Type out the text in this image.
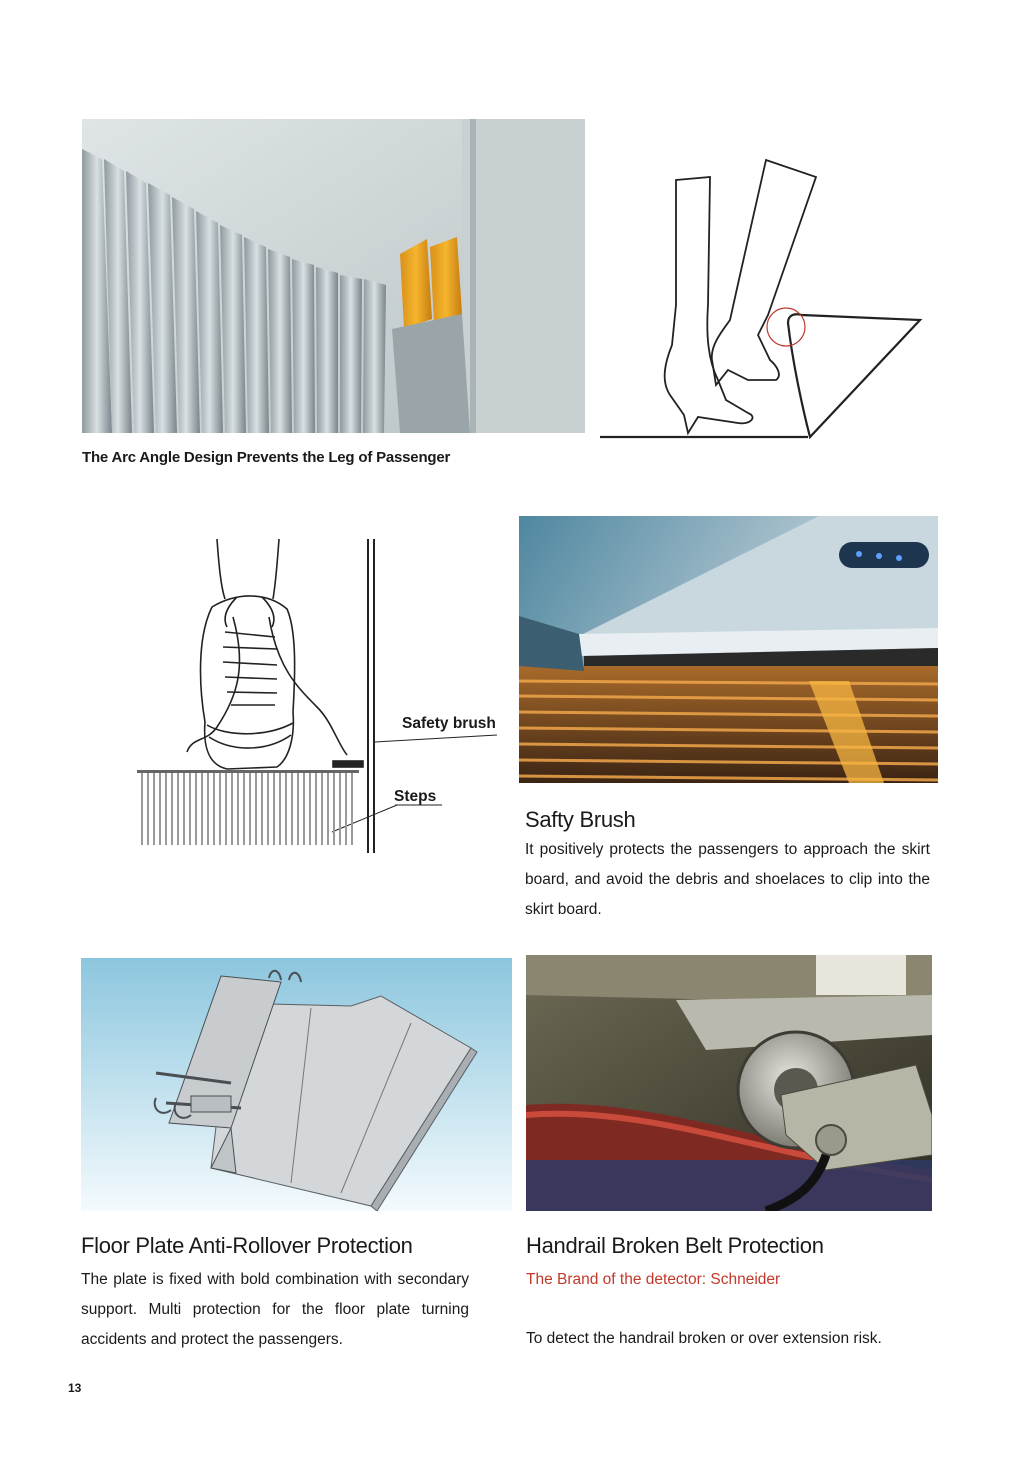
The Arc Angle Design Prevents the Leg of Passenger
Safety brush
Steps
Safty Brush
It positively protects the passengers to approach the skirt board, and avoid the debris and shoelaces to clip into the skirt board.
Floor Plate Anti-Rollover Protection
The plate is fixed with bold combination with secondary support. Multi protection for the floor plate turning accidents and protect the passengers.
Handrail Broken Belt Protection
The Brand of the detector: Schneider
To detect the handrail broken or over extension risk.
13
